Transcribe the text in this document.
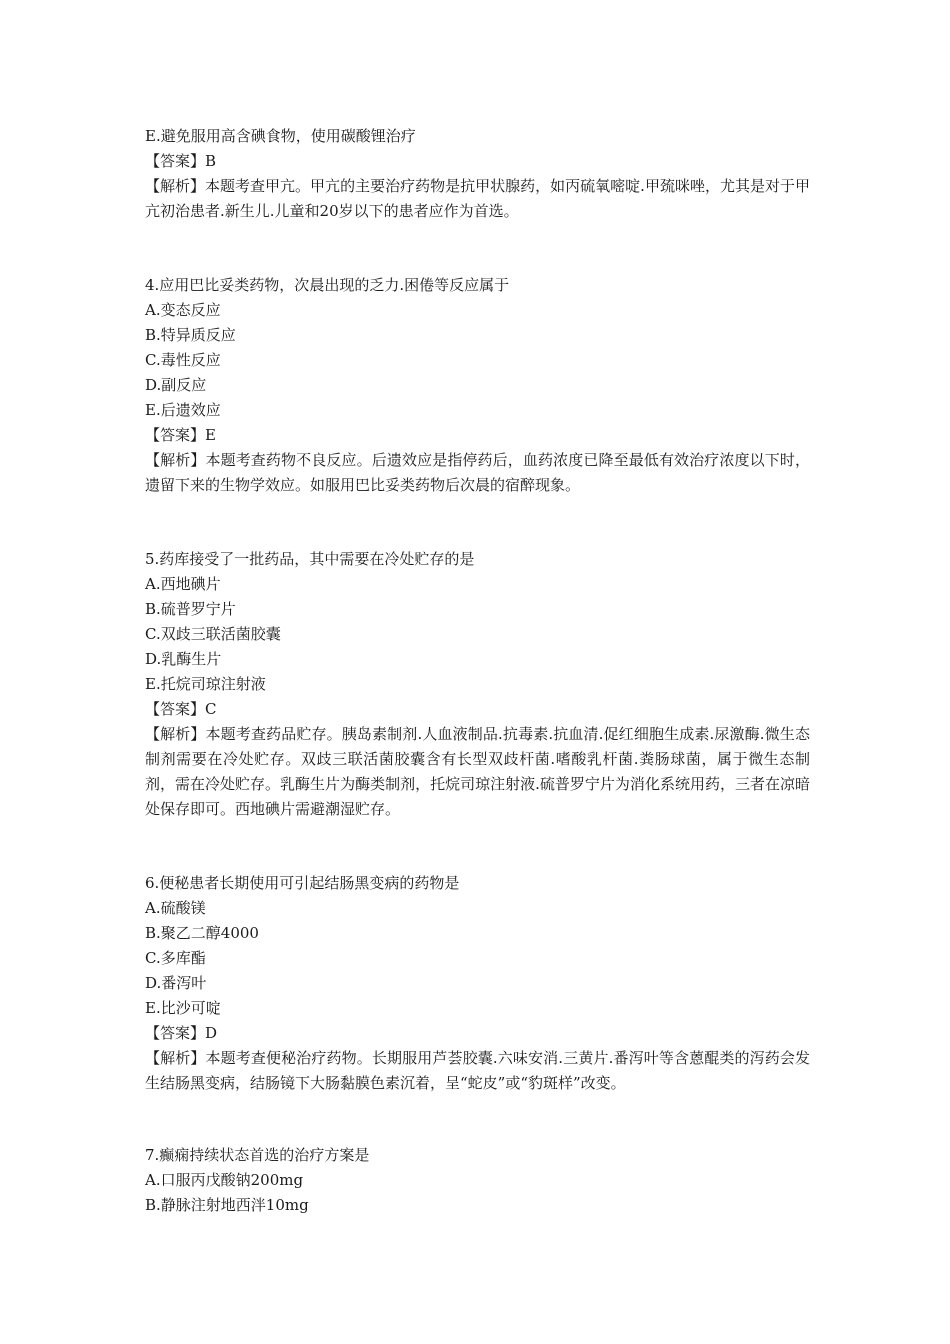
E.避免服用高含碘食物，使用碳酸锂治疗
【答案】B
【解析】本题考查甲亢。甲亢的主要治疗药物是抗甲状腺药，如丙硫氧嘧啶.甲巯咪唑，尤其是对于甲亢初治患者.新生儿.儿童和20岁以下的患者应作为首选。
4.应用巴比妥类药物，次晨出现的乏力.困倦等反应属于
A.变态反应
B.特异质反应
C.毒性反应
D.副反应
E.后遗效应
【答案】E
【解析】本题考查药物不良反应。后遗效应是指停药后，血药浓度已降至最低有效治疗浓度以下时，遗留下来的生物学效应。如服用巴比妥类药物后次晨的宿醉现象。
5.药库接受了一批药品，其中需要在冷处贮存的是
A.西地碘片
B.硫普罗宁片
C.双歧三联活菌胶囊
D.乳酶生片
E.托烷司琼注射液
【答案】C
【解析】本题考查药品贮存。胰岛素制剂.人血液制品.抗毒素.抗血清.促红细胞生成素.尿激酶.微生态制剂需要在冷处贮存。双歧三联活菌胶囊含有长型双歧杆菌.嗜酸乳杆菌.粪肠球菌，属于微生态制剂，需在冷处贮存。乳酶生片为酶类制剂，托烷司琼注射液.硫普罗宁片为消化系统用药，三者在凉暗处保存即可。西地碘片需避潮湿贮存。
6.便秘患者长期使用可引起结肠黑变病的药物是
A.硫酸镁
B.聚乙二醇4000
C.多库酯
D.番泻叶
E.比沙可啶
【答案】D
【解析】本题考查便秘治疗药物。长期服用芦荟胶囊.六味安消.三黄片.番泻叶等含蒽醌类的泻药会发生结肠黑变病，结肠镜下大肠黏膜色素沉着，呈“蛇皮”或“豹斑样”改变。
7.癫痫持续状态首选的治疗方案是
A.口服丙戊酸钠200mg
B.静脉注射地西泮10mg
